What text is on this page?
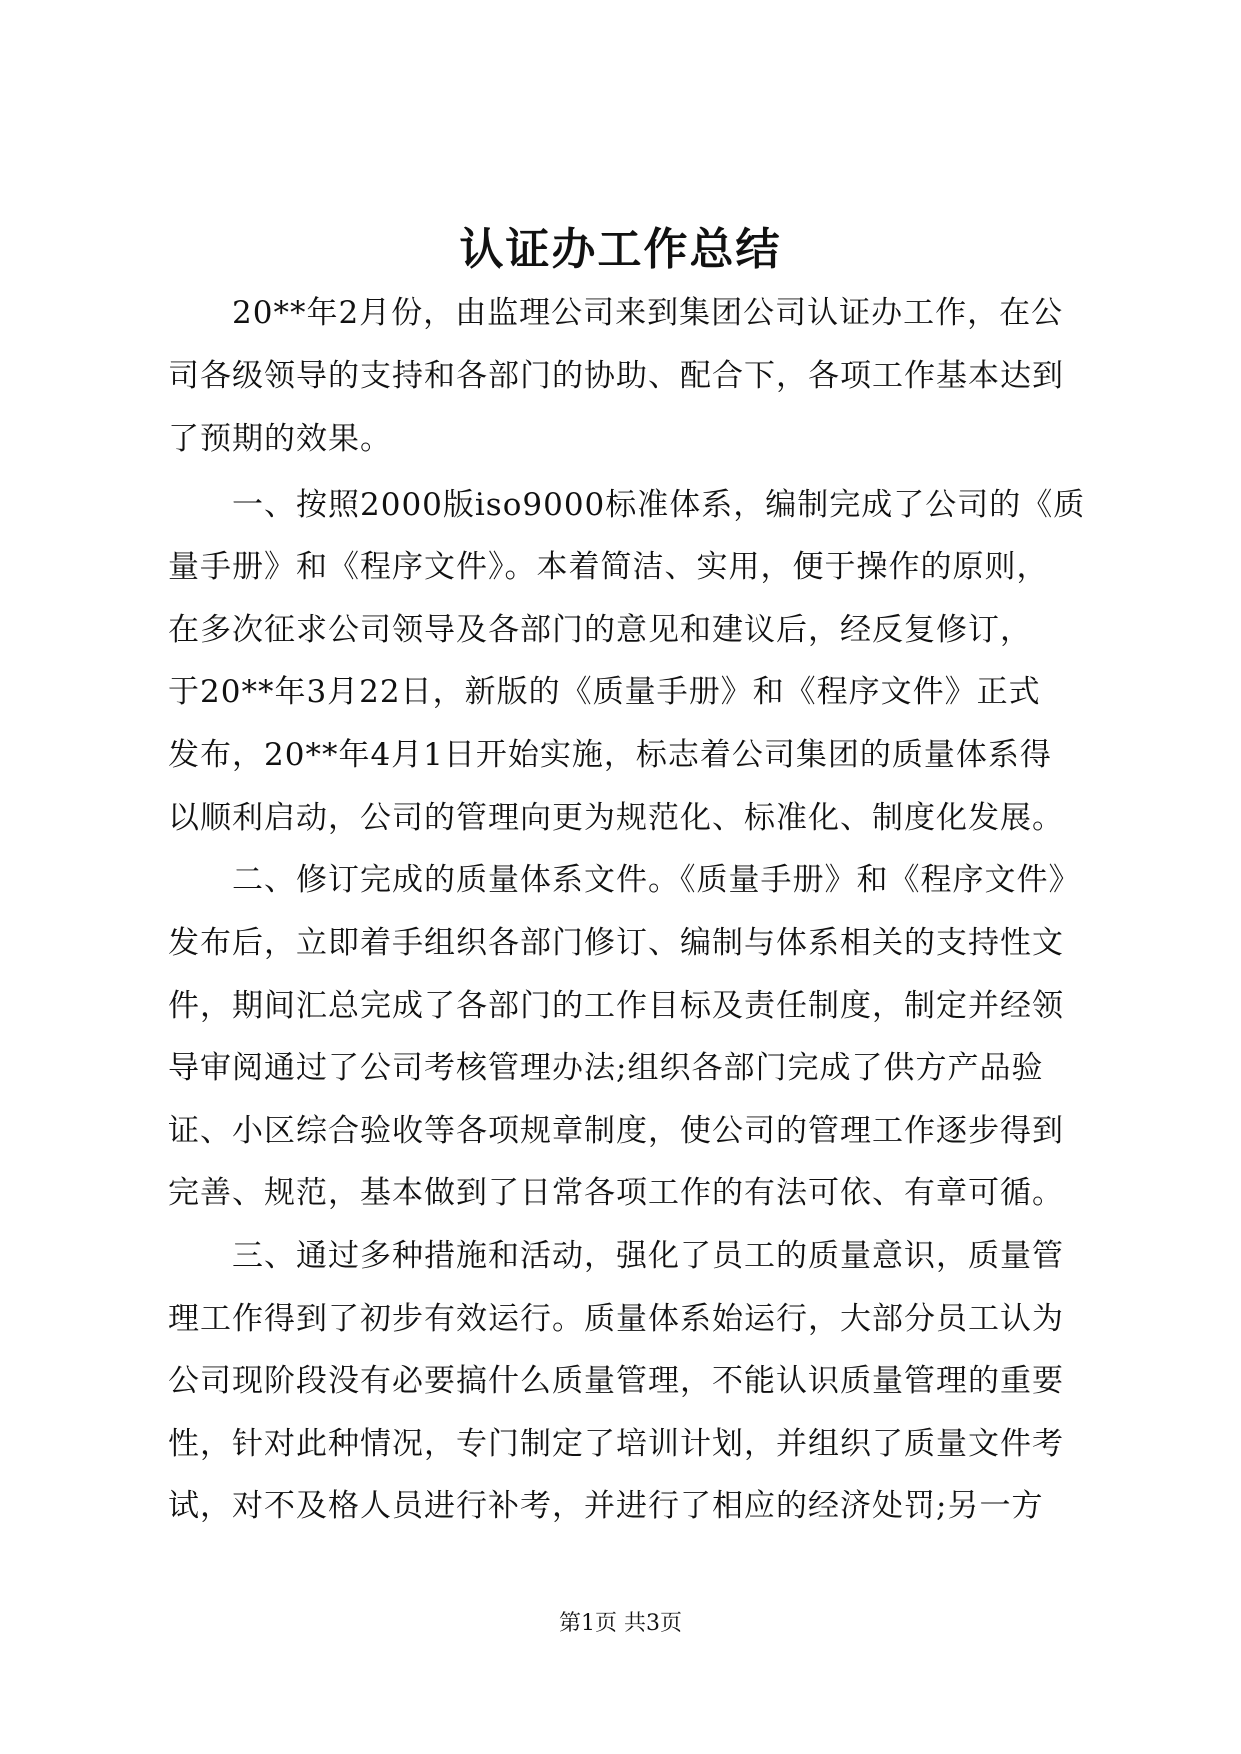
认证办工作总结
20**年2月份，由监理公司来到集团公司认证办工作，在公
司各级领导的支持和各部门的协助、配合下，各项工作基本达到
了预期的效果。
一、按照2000版iso9000标准体系，编制完成了公司的《质
量手册》和《程序文件》。本着简洁、实用，便于操作的原则，
在多次征求公司领导及各部门的意见和建议后，经反复修订，
于20**年3月22日，新版的《质量手册》和《程序文件》正式
发布，20**年4月1日开始实施，标志着公司集团的质量体系得
以顺利启动，公司的管理向更为规范化、标准化、制度化发展。
二、修订完成的质量体系文件。《质量手册》和《程序文件》
发布后，立即着手组织各部门修订、编制与体系相关的支持性文
件，期间汇总完成了各部门的工作目标及责任制度，制定并经领
导审阅通过了公司考核管理办法;组织各部门完成了供方产品验
证、小区综合验收等各项规章制度，使公司的管理工作逐步得到
完善、规范，基本做到了日常各项工作的有法可依、有章可循。
三、通过多种措施和活动，强化了员工的质量意识，质量管
理工作得到了初步有效运行。质量体系始运行，大部分员工认为
公司现阶段没有必要搞什么质量管理，不能认识质量管理的重要
性，针对此种情况，专门制定了培训计划，并组织了质量文件考
试，对不及格人员进行补考，并进行了相应的经济处罚;另一方
第1页 共3页
